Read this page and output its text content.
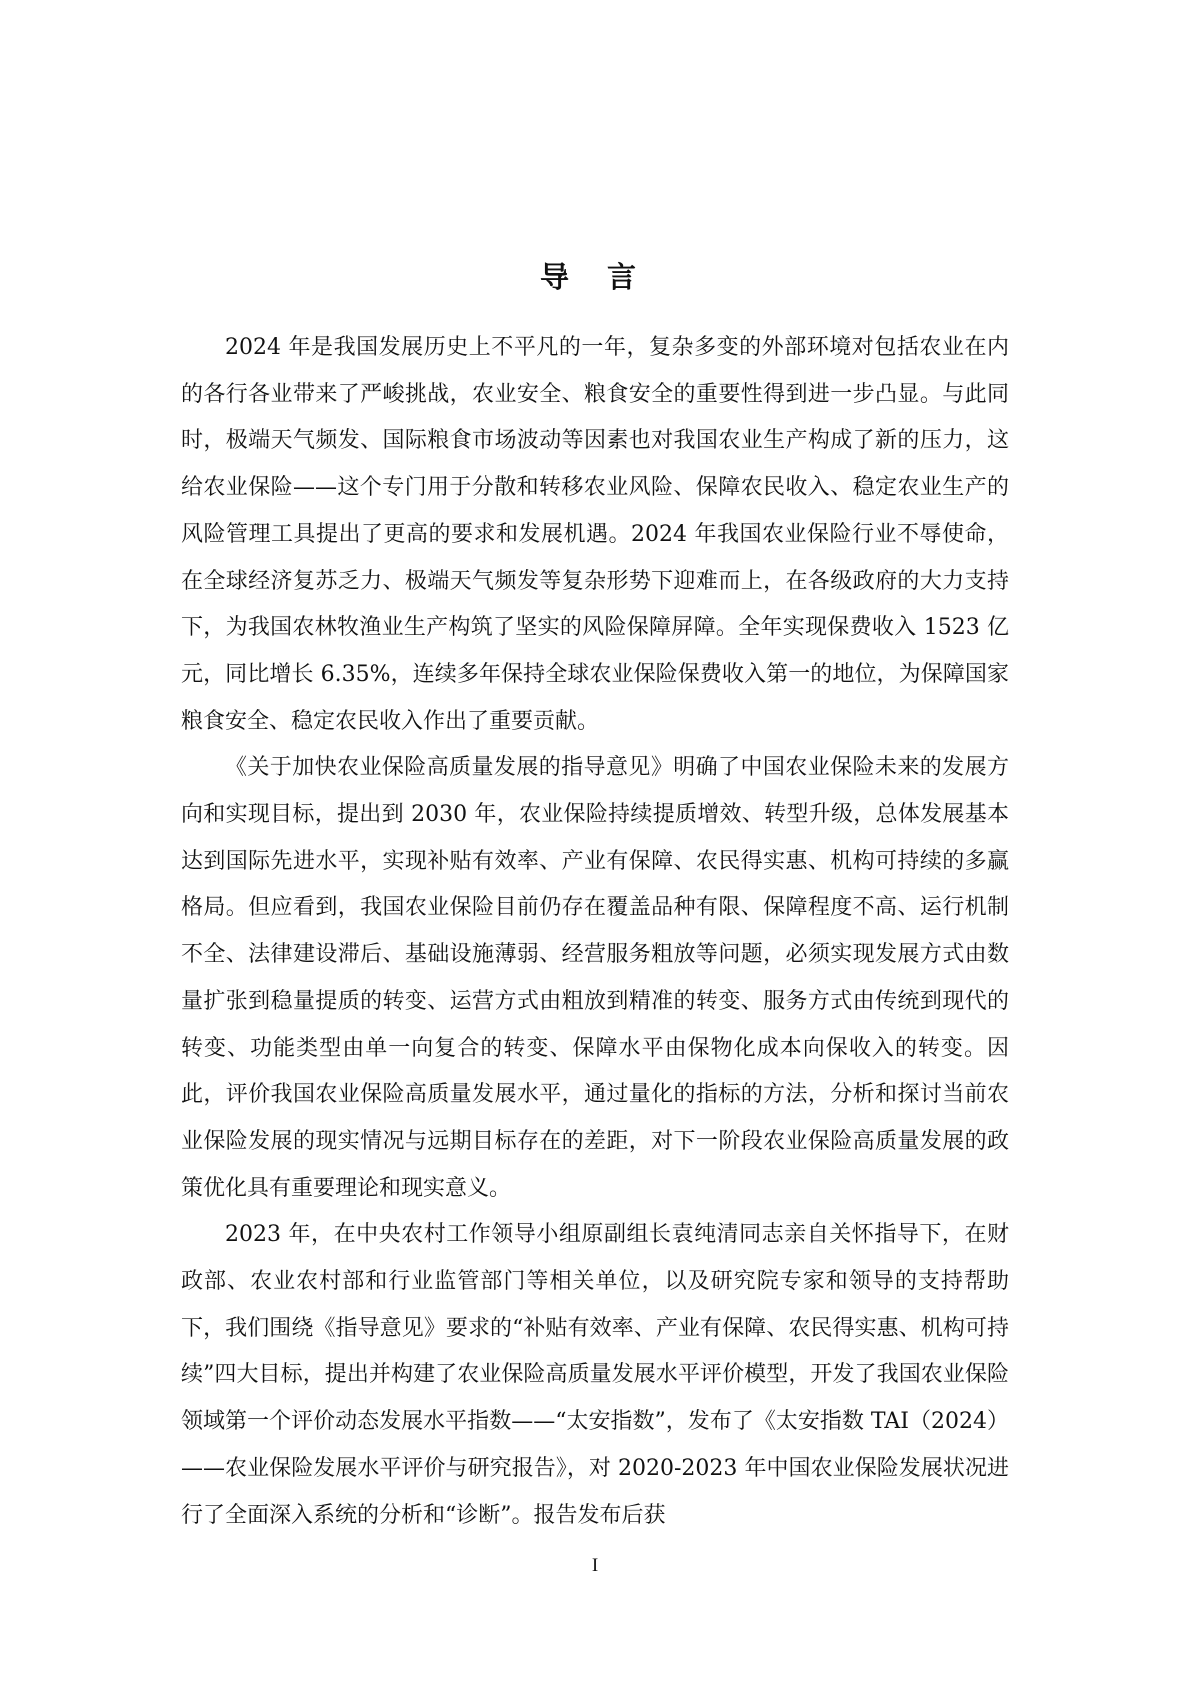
导 言

2024 年是我国发展历史上不平凡的一年，复杂多变的外部环境对包括农业在内的各行各业带来了严峻挑战，农业安全、粮食安全的重要性得到进一步凸显。与此同时，极端天气频发、国际粮食市场波动等因素也对我国农业生产构成了新的压力，这给农业保险——这个专门用于分散和转移农业风险、保障农民收入、稳定农业生产的风险管理工具提出了更高的要求和发展机遇。2024 年我国农业保险行业不辱使命，在全球经济复苏乏力、极端天气频发等复杂形势下迎难而上，在各级政府的大力支持下，为我国农林牧渔业生产构筑了坚实的风险保障屏障。全年实现保费收入 1523 亿元，同比增长 6.35%，连续多年保持全球农业保险保费收入第一的地位，为保障国家粮食安全、稳定农民收入作出了重要贡献。

《关于加快农业保险高质量发展的指导意见》明确了中国农业保险未来的发展方向和实现目标，提出到 2030 年，农业保险持续提质增效、转型升级，总体发展基本达到国际先进水平，实现补贴有效率、产业有保障、农民得实惠、机构可持续的多赢格局。但应看到，我国农业保险目前仍存在覆盖品种有限、保障程度不高、运行机制不全、法律建设滞后、基础设施薄弱、经营服务粗放等问题，必须实现发展方式由数量扩张到稳量提质的转变、运营方式由粗放到精准的转变、服务方式由传统到现代的转变、功能类型由单一向复合的转变、保障水平由保物化成本向保收入的转变。因此，评价我国农业保险高质量发展水平，通过量化的指标的方法，分析和探讨当前农业保险发展的现实情况与远期目标存在的差距，对下一阶段农业保险高质量发展的政策优化具有重要理论和现实意义。

2023 年，在中央农村工作领导小组原副组长袁纯清同志亲自关怀指导下，在财政部、农业农村部和行业监管部门等相关单位，以及研究院专家和领导的支持帮助下，我们围绕《指导意见》要求的“补贴有效率、产业有保障、农民得实惠、机构可持续”四大目标，提出并构建了农业保险高质量发展水平评价模型，开发了我国农业保险领域第一个评价动态发展水平指数——“太安指数”，发布了《太安指数 TAI（2024）——农业保险发展水平评价与研究报告》，对 2020-2023 年中国农业保险发展状况进行了全面深入系统的分析和“诊断”。报告发布后获

I
